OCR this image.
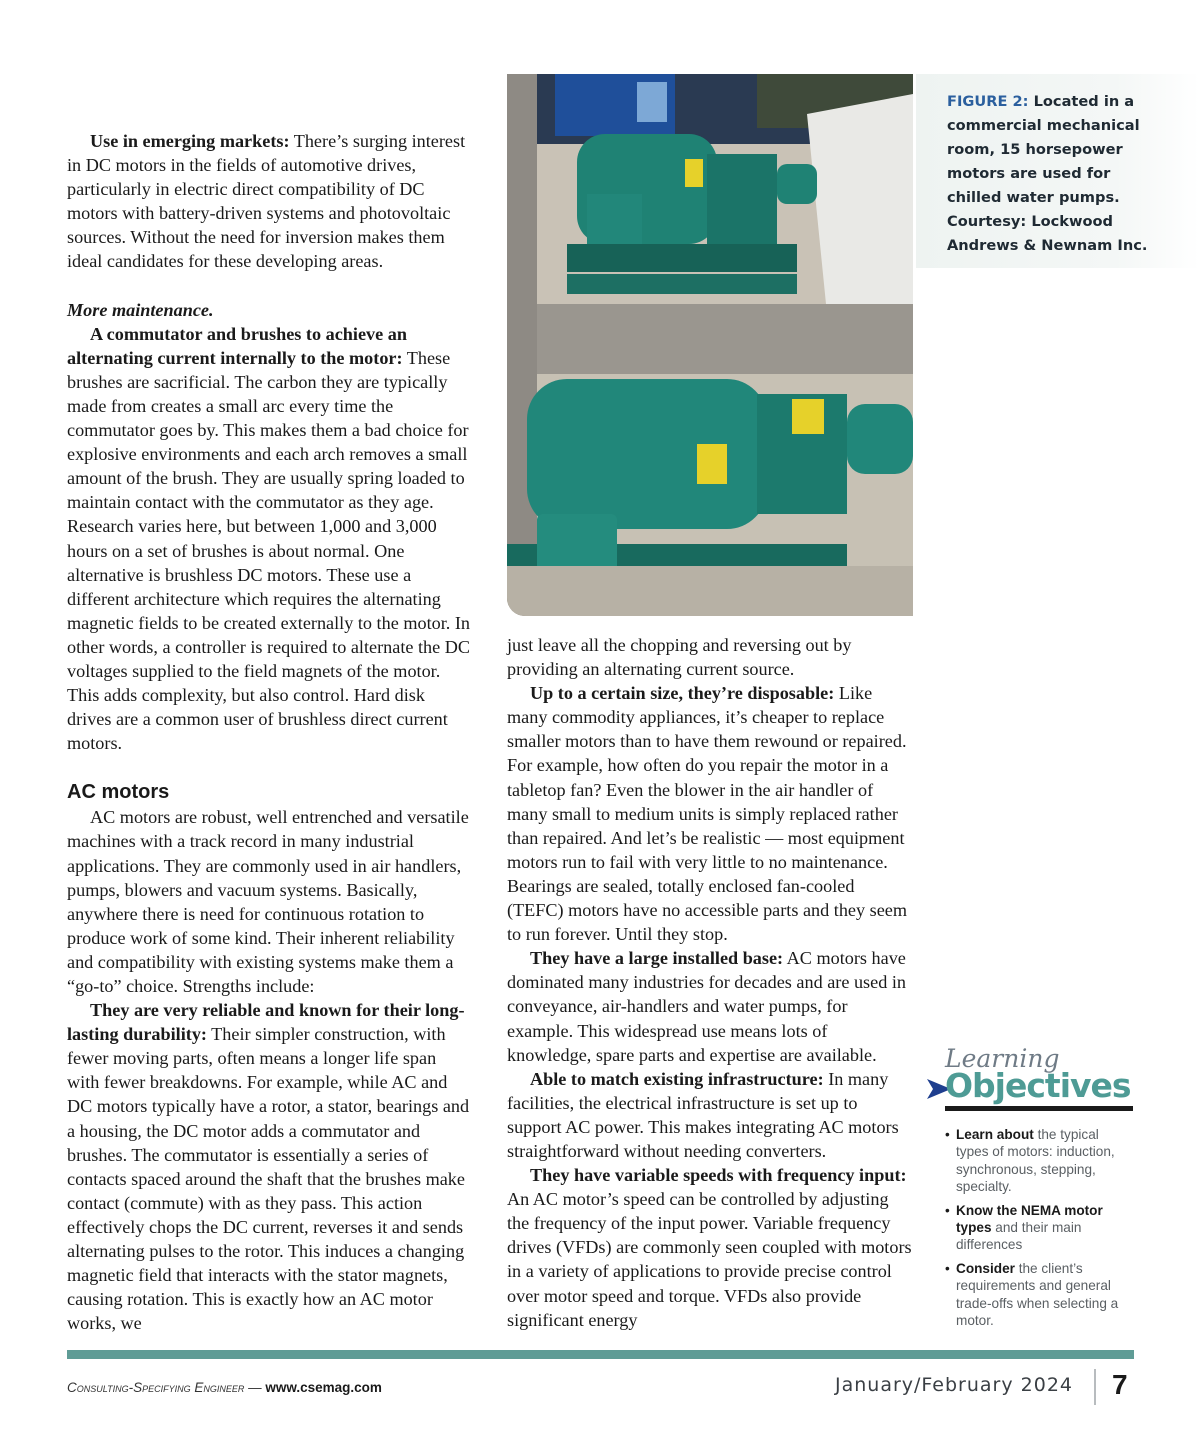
Use in emerging markets: There’s surging interest in DC motors in the fields of automotive drives, particularly in electric direct compatibility of DC motors with battery-driven systems and photovoltaic sources. Without the need for inversion makes them ideal candidates for these developing areas.

More maintenance.

A commutator and brushes to achieve an alternating current internally to the motor: These brushes are sacrificial. The carbon they are typically made from creates a small arc every time the commutator goes by. This makes them a bad choice for explosive environments and each arch removes a small amount of the brush. They are usually spring loaded to maintain contact with the commutator as they age. Research varies here, but between 1,000 and 3,000 hours on a set of brushes is about normal. One alternative is brushless DC motors. These use a different architecture which requires the alternating magnetic fields to be created externally to the motor. In other words, a controller is required to alternate the DC voltages supplied to the field magnets of the motor. This adds complexity, but also control. Hard disk drives are a common user of brushless direct current motors.

AC motors

AC motors are robust, well entrenched and versatile machines with a track record in many industrial applications. They are commonly used in air handlers, pumps, blowers and vacuum systems. Basically, anywhere there is need for continuous rotation to produce work of some kind. Their inherent reliability and compatibility with existing systems make them a “go-to” choice. Strengths include:

They are very reliable and known for their long-lasting durability: Their simpler construction, with fewer moving parts, often means a longer life span with fewer breakdowns. For example, while AC and DC motors typically have a rotor, a stator, bearings and a housing, the DC motor adds a commutator and brushes. The commutator is essentially a series of contacts spaced around the shaft that the brushes make contact (commute) with as they pass. This action effectively chops the DC current, reverses it and sends alternating pulses to the rotor. This induces a changing magnetic field that interacts with the stator magnets, causing rotation. This is exactly how an AC motor works, we

FIGURE 2: Located in a commercial mechanical room, 15 horsepower motors are used for chilled water pumps. Courtesy: Lockwood Andrews & Newnam Inc.

just leave all the chopping and reversing out by providing an alternating current source.

Up to a certain size, they’re disposable: Like many commodity appliances, it’s cheaper to replace smaller motors than to have them rewound or repaired. For example, how often do you repair the motor in a tabletop fan? Even the blower in the air handler of many small to medium units is simply replaced rather than repaired. And let’s be realistic — most equipment motors run to fail with very little to no maintenance. Bearings are sealed, totally enclosed fan-cooled (TEFC) motors have no accessible parts and they seem to run forever. Until they stop.

They have a large installed base: AC motors have dominated many industries for decades and are used in conveyance, air-handlers and water pumps, for example. This widespread use means lots of knowledge, spare parts and expertise are available.

Able to match existing infrastructure: In many facilities, the electrical infrastructure is set up to support AC power. This makes integrating AC motors straightforward without needing converters.

They have variable speeds with frequency input: An AC motor’s speed can be controlled by adjusting the frequency of the input power. Variable frequency drives (VFDs) are commonly seen coupled with motors in a variety of applications to provide precise control over motor speed and torque. VFDs also provide significant energy

Learning
Objectives
• Learn about the typical types of motors: induction, synchronous, stepping, specialty.
• Know the NEMA motor types and their main differences
• Consider the client’s requirements and general trade-offs when selecting a motor.
Consulting-Specifying Engineer — www.csemag.com	January/February 2024 7
